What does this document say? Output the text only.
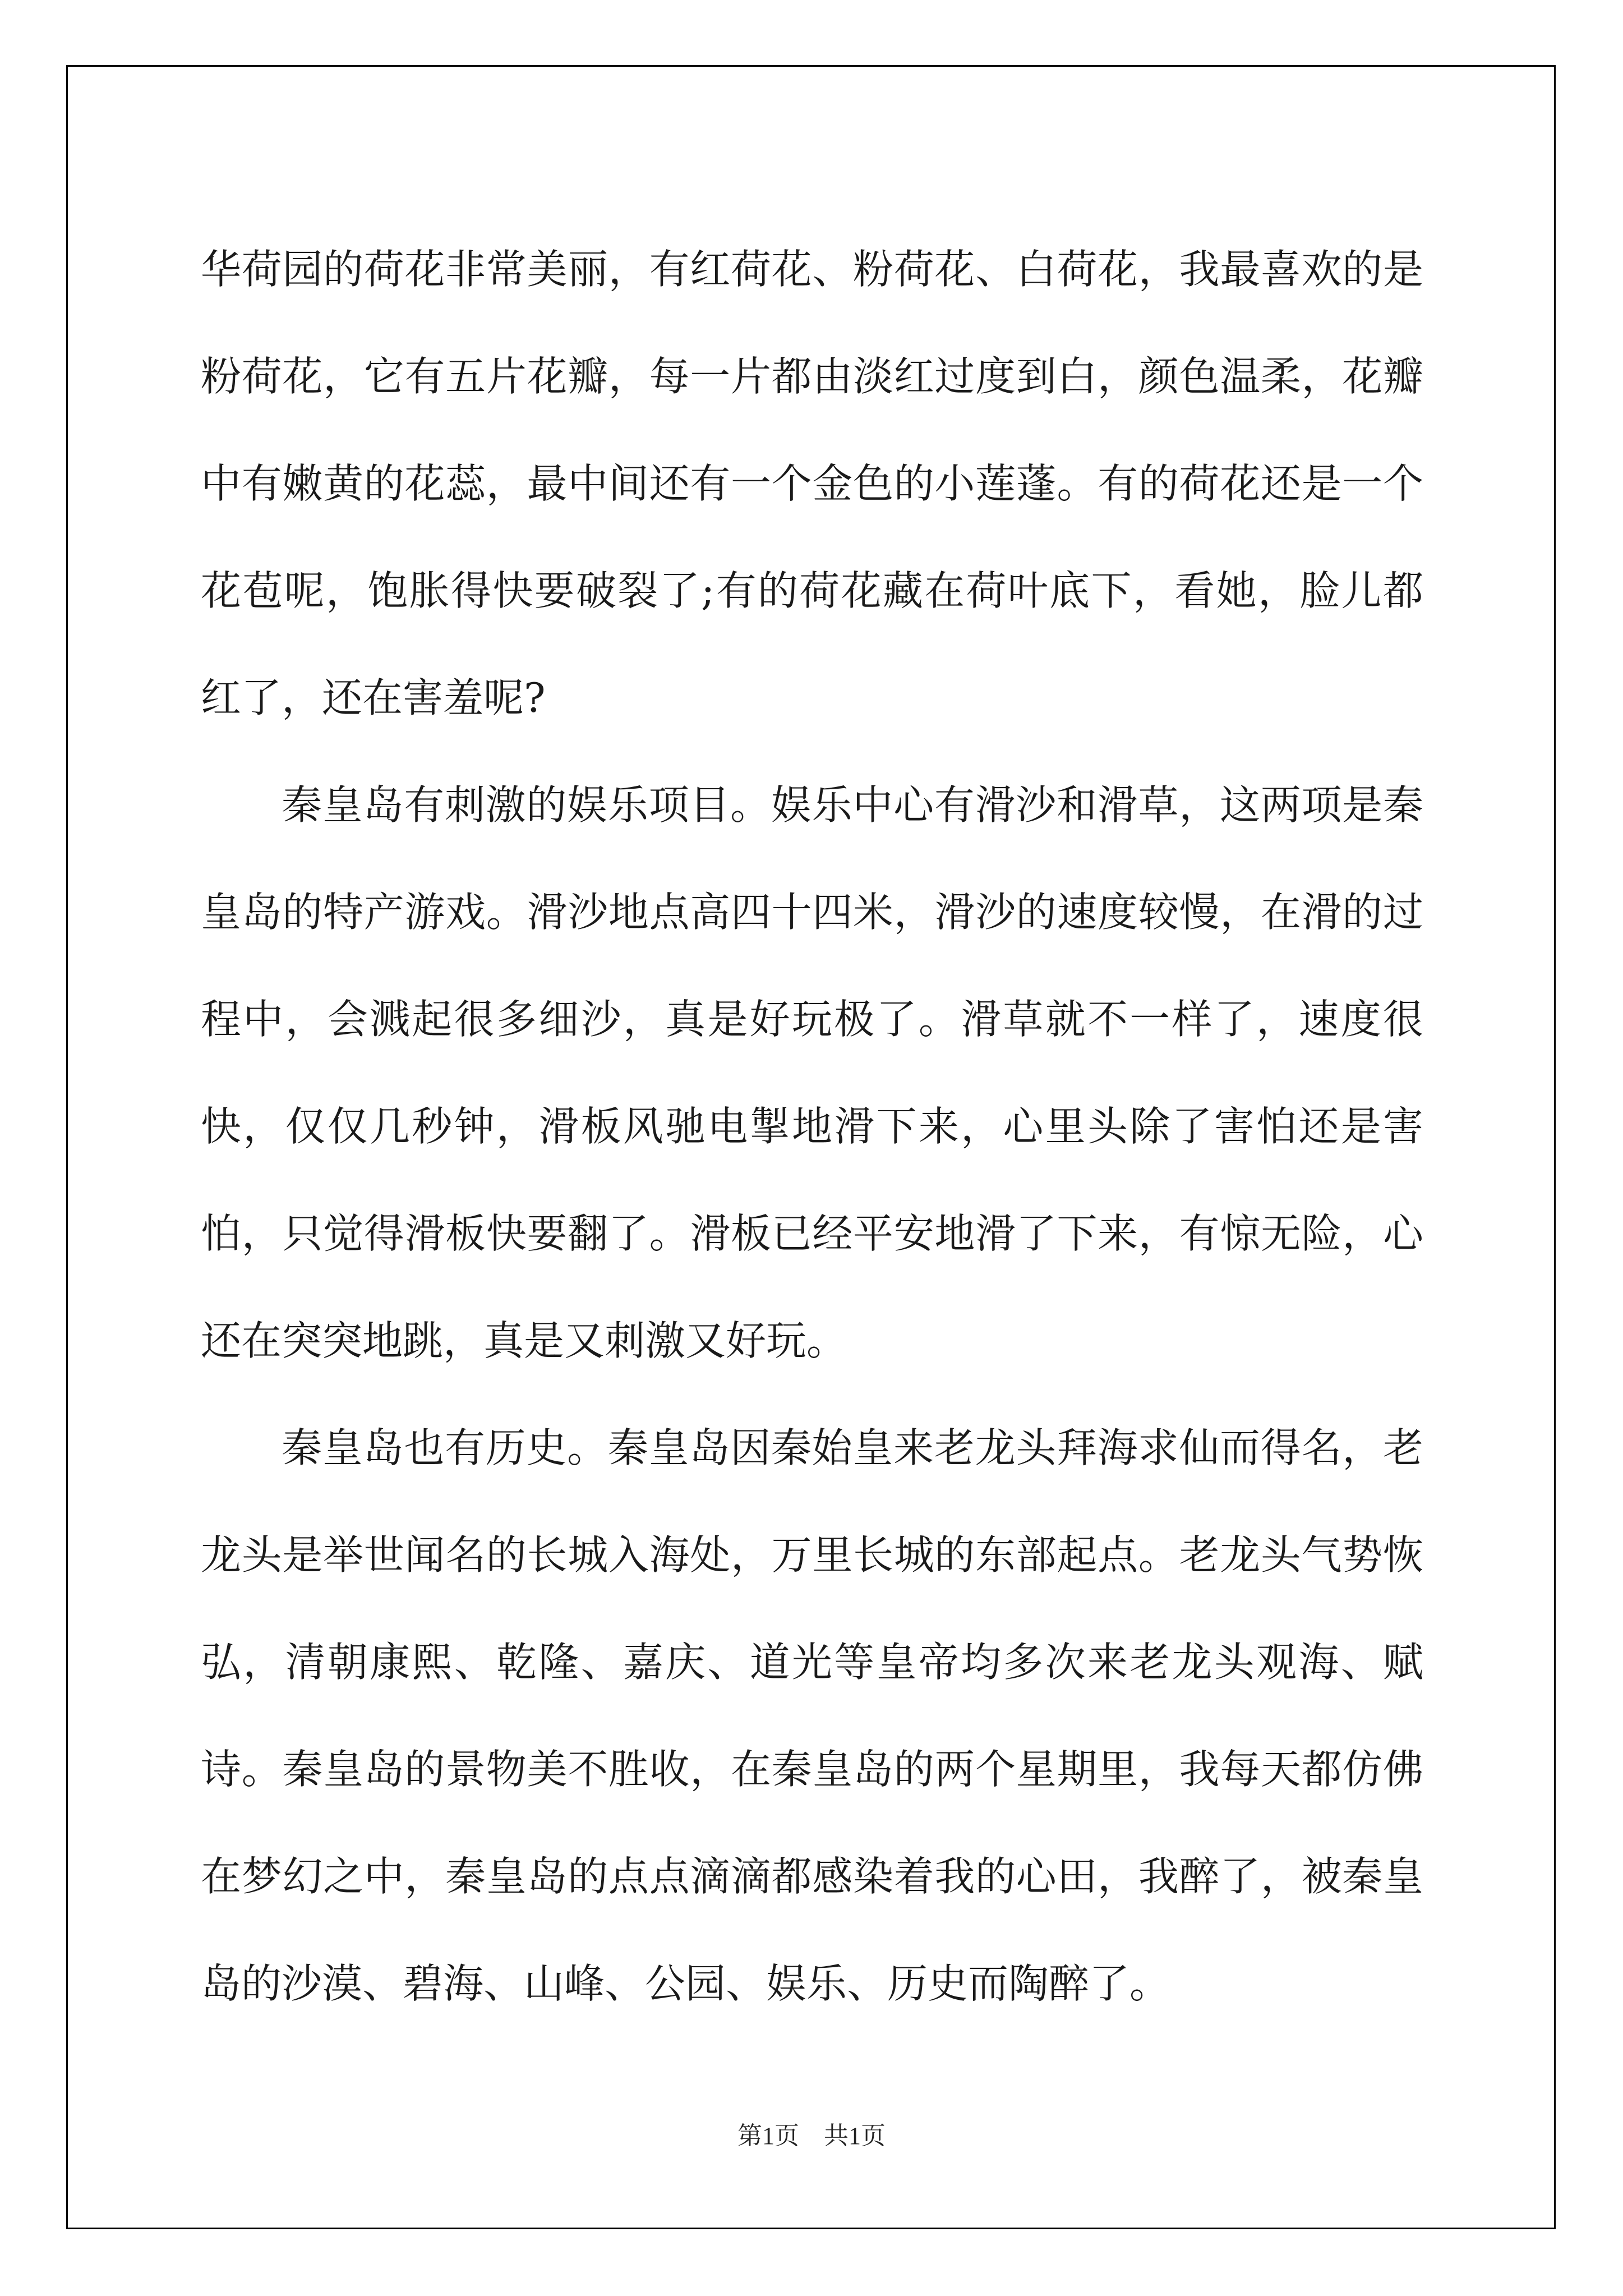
华荷园的荷花非常美丽，有红荷花、粉荷花、白荷花，我最喜欢的是粉荷花，它有五片花瓣，每一片都由淡红过度到白，颜色温柔，花瓣中有嫩黄的花蕊，最中间还有一个金色的小莲蓬。有的荷花还是一个花苞呢，饱胀得快要破裂了;有的荷花藏在荷叶底下，看她，脸儿都红了，还在害羞呢?

秦皇岛有刺激的娱乐项目。娱乐中心有滑沙和滑草，这两项是秦皇岛的特产游戏。滑沙地点高四十四米，滑沙的速度较慢，在滑的过程中，会溅起很多细沙，真是好玩极了。滑草就不一样了，速度很快，仅仅几秒钟，滑板风驰电掣地滑下来，心里头除了害怕还是害怕，只觉得滑板快要翻了。滑板已经平安地滑了下来，有惊无险，心还在突突地跳，真是又刺激又好玩。

秦皇岛也有历史。秦皇岛因秦始皇来老龙头拜海求仙而得名，老龙头是举世闻名的长城入海处，万里长城的东部起点。老龙头气势恢弘，清朝康熙、乾隆、嘉庆、道光等皇帝均多次来老龙头观海、赋诗。秦皇岛的景物美不胜收，在秦皇岛的两个星期里，我每天都仿佛在梦幻之中，秦皇岛的点点滴滴都感染着我的心田，我醉了，被秦皇岛的沙漠、碧海、山峰、公园、娱乐、历史而陶醉了。

第1页 共1页
